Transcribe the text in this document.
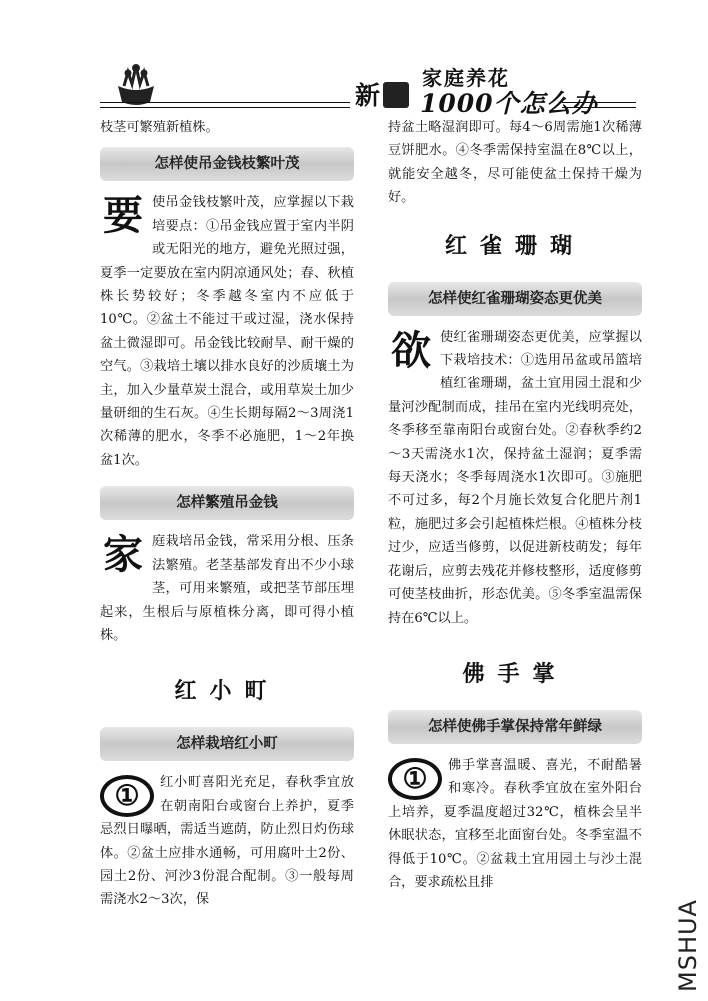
新
家庭养花
1000个怎么办

枝茎可繁殖新植株。

怎样使吊金钱枝繁叶茂

要使吊金钱枝繁叶茂，应掌握以下栽培要点：①吊金钱应置于室内半阴或无阳光的地方，避免光照过强，夏季一定要放在室内阴凉通风处；春、秋植株长势较好；冬季越冬室内不应低于10℃。②盆土不能过干或过湿，浇水保持盆土微湿即可。吊金钱比较耐旱、耐干燥的空气。③栽培土壤以排水良好的沙质壤土为主，加入少量草炭土混合，或用草炭土加少量研细的生石灰。④生长期每隔2～3周浇1次稀薄的肥水，冬季不必施肥，1～2年换盆1次。

怎样繁殖吊金钱

家庭栽培吊金钱，常采用分根、压条法繁殖。老茎基部发育出不少小球茎，可用来繁殖，或把茎节部压埋起来，生根后与原植株分离，即可得小植株。

红小町
怎样栽培红小町

①	红小町喜阳光充足，春秋季宜放在朝南阳台或窗台上养护，夏季忌烈日曝晒，需适当遮荫，防止烈日灼伤球体。②盆土应排水通畅，可用腐叶土2份、园土2份、河沙3份混合配制。③一般每周需浇水2～3次，保

持盆土略湿润即可。每4～6周需施1次稀薄豆饼肥水。④冬季需保持室温在8℃以上，就能安全越冬，尽可能使盆土保持干燥为好。

红雀珊瑚
怎样使红雀珊瑚姿态更优美

欲使红雀珊瑚姿态更优美，应掌握以下栽培技术：①选用吊盆或吊篮培植红雀珊瑚，盆土宜用园土混和少量河沙配制而成，挂吊在室内光线明亮处，冬季移至靠南阳台或窗台处。②春秋季约2～3天需浇水1次，保持盆土湿润；夏季需每天浇水；冬季每周浇水1次即可。③施肥不可过多，每2个月施长效复合化肥片剂1粒，施肥过多会引起植株烂根。④植株分枝过少，应适当修剪，以促进新枝萌发；每年花谢后，应剪去残花并修枝整形，适度修剪可使茎枝曲折，形态优美。⑤冬季室温需保持在6℃以上。

佛手掌
怎样使佛手掌保持常年鲜绿

①	佛手掌喜温暖、喜光，不耐酷暑和寒冷。春秋季宜放在室外阳台上培养，夏季温度超过32℃，植株会呈半休眠状态，宜移至北面窗台处。冬季室温不得低于10℃。②盆栽土宜用园土与沙土混合，要求疏松且排

MSHUA
